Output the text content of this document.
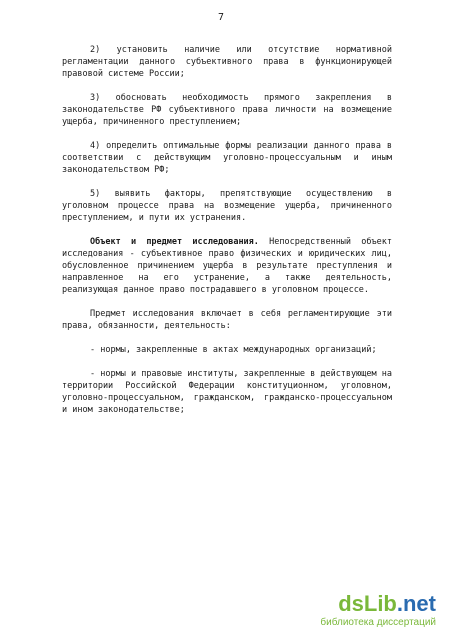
7

2) установить наличие или отсутствие нормативной регламентации данного субъективного права в функционирующей правовой системе России;

3) обосновать необходимость прямого закрепления в законодательстве РФ субъективного права личности на возмещение ущерба, причиненного преступлением;

4) определить оптимальные формы реализации данного права в соответствии с действующим уголовно-процессуальным и иным законодательством РФ;

5) выявить факторы, препятствующие осуществлению в уголовном процессе права на возмещение ущерба, причиненного преступлением, и пути их устранения.

Объект и предмет исследования. Непосредственный объект исследования - субъективное право физических и юридических лиц, обусловленное причинением ущерба в результате преступления и направленное на его устранение, а также деятельность, реализующая данное право пострадавшего в уголовном процессе.

Предмет исследования включает в себя регламентирующие эти права, обязанности, деятельность:

- нормы, закрепленные в актах международных организаций;

- нормы и правовые институты, закрепленные в действующем на территории Российской Федерации конституционном, уголовном, уголовно-процессуальном, гражданском, гражданско-процессуальном и ином законодательстве;

dsLib.net
библиотека диссертаций
